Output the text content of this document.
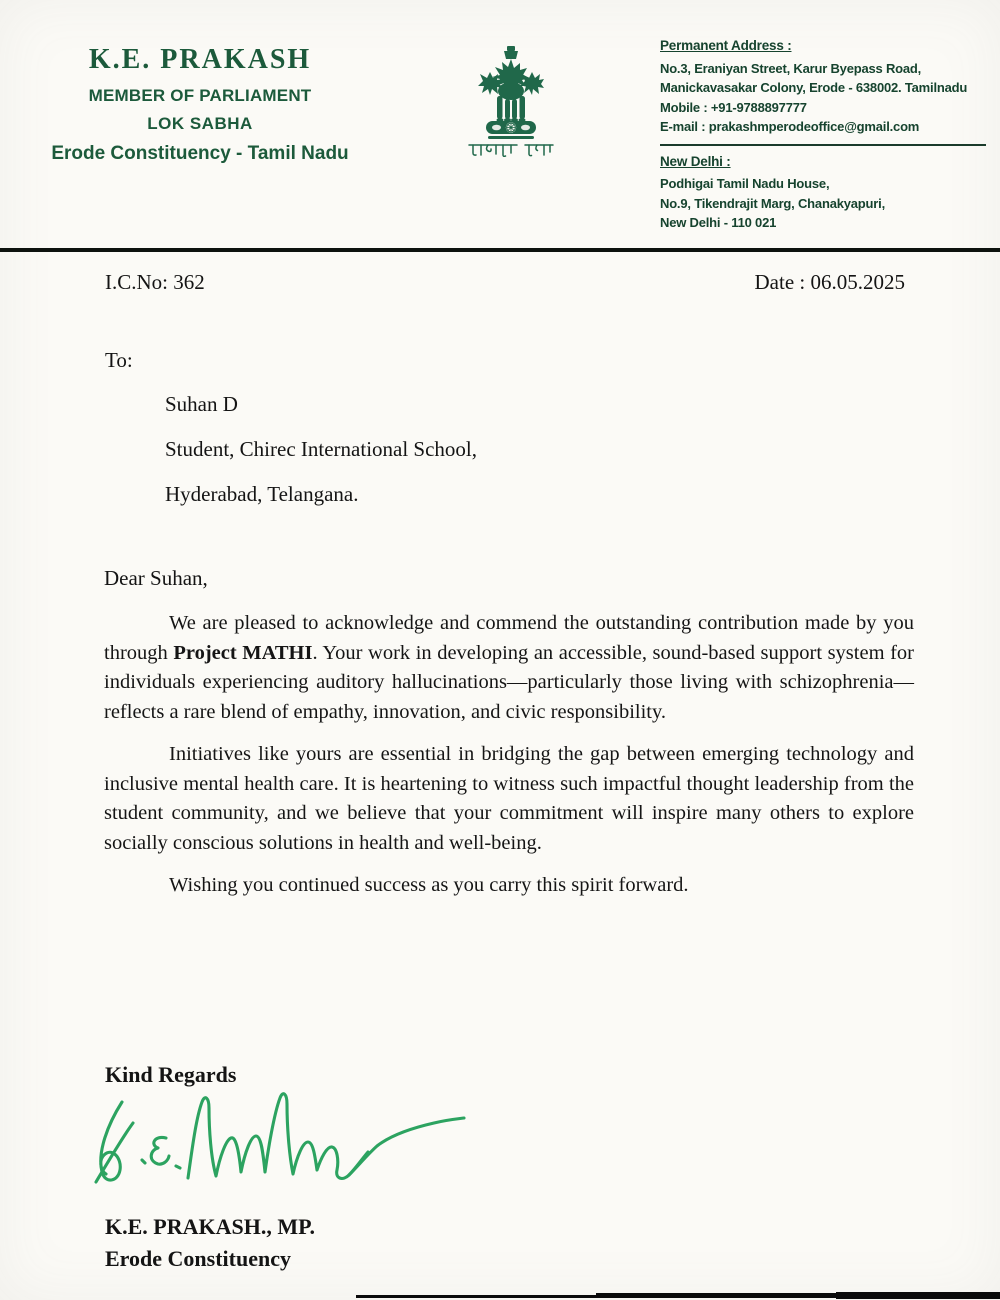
K.E. PRAKASH
MEMBER OF PARLIAMENT
LOK SABHA
Erode Constituency - Tamil Nadu
Permanent Address :
No.3, Eraniyan Street, Karur Byepass Road,
Manickavasakar Colony, Erode - 638002. Tamilnadu
Mobile : +91-9788897777
E-mail : prakashmperodeoffice@gmail.com
New Delhi :
Podhigai Tamil Nadu House,
No.9, Tikendrajit Marg, Chanakyapuri,
New Delhi - 110 021
I.C.No: 362	Date : 06.05.2025
To:
Suhan D
Student, Chirec International School,
Hyderabad, Telangana.
Dear Suhan,

We are pleased to acknowledge and commend the outstanding contribution made by you through Project MATHI. Your work in developing an accessible, sound-based support system for individuals experiencing auditory hallucinations—particularly those living with schizophrenia—reflects a rare blend of empathy, innovation, and civic responsibility.

Initiatives like yours are essential in bridging the gap between emerging technology and inclusive mental health care. It is heartening to witness such impactful thought leadership from the student community, and we believe that your commitment will inspire many others to explore socially conscious solutions in health and well-being.

Wishing you continued success as you carry this spirit forward.

Kind Regards
K.E. PRAKASH., MP.
Erode Constituency
